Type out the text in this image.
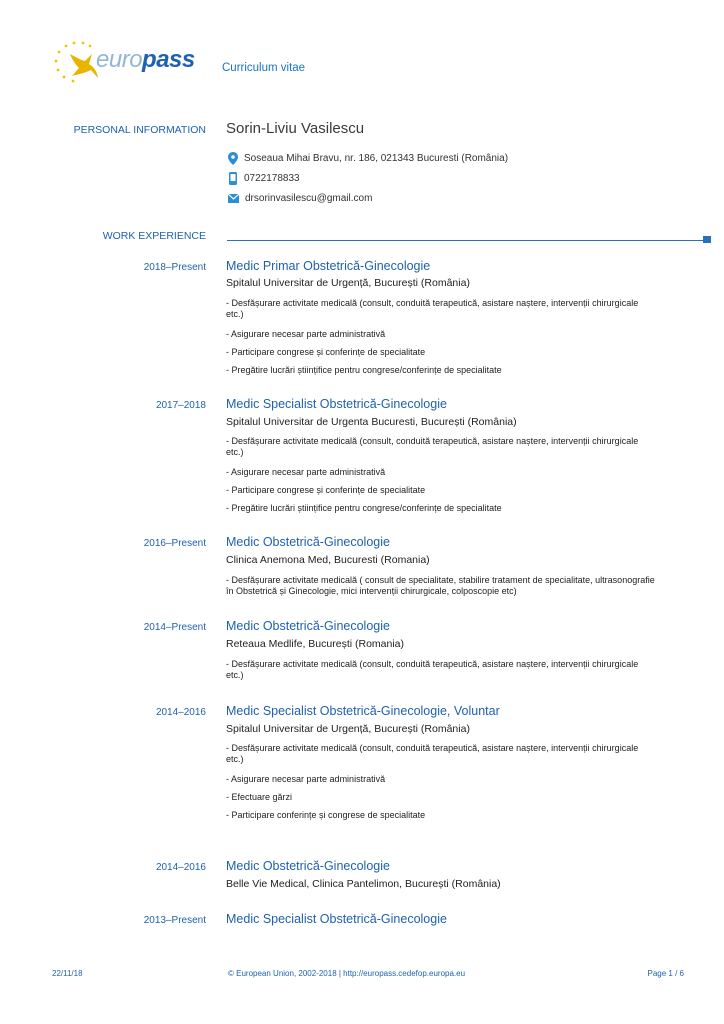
europass Curriculum vitae
PERSONAL INFORMATION Sorin-Liviu Vasilescu
Soseaua Mihai Bravu, nr. 186, 021343 Bucuresti (România)
0722178833
drsorinvasilescu@gmail.com
WORK EXPERIENCE
2018–Present Medic Primar Obstetrică-Ginecologie
Spitalul Universitar de Urgență, București (România)
- Desfășurare activitate medicală (consult, conduită terapeutică, asistare naștere, intervenții chirurgicale etc.)
- Asigurare necesar parte administrativă
- Participare congrese și conferințe de specialitate
- Pregătire lucrări științifice pentru congrese/conferințe de specialitate
2017–2018 Medic Specialist Obstetrică-Ginecologie
Spitalul Universitar de Urgenta Bucuresti, București (România)
- Desfășurare activitate medicală (consult, conduită terapeutică, asistare naștere, intervenții chirurgicale etc.)
- Asigurare necesar parte administrativă
- Participare congrese și conferințe de specialitate
- Pregătire lucrări științifice pentru congrese/conferințe de specialitate
2016–Present Medic Obstetrică-Ginecologie
Clinica Anemona Med, Bucuresti (Romania)
- Desfășurare activitate medicală ( consult de specialitate, stabilire tratament de specialitate, ultrasonografie în Obstetrică și Ginecologie, mici intervenții chirurgicale, colposcopie etc)
2014–Present Medic Obstetrică-Ginecologie
Reteaua Medlife, București (Romania)
- Desfășurare activitate medicală (consult, conduită terapeutică, asistare naștere, intervenții chirurgicale etc.)
2014–2016 Medic Specialist Obstetrică-Ginecologie, Voluntar
Spitalul Universitar de Urgență, București (România)
- Desfășurare activitate medicală (consult, conduită terapeutică, asistare naștere, intervenții chirurgicale etc.)
- Asigurare necesar parte administrativă
- Efectuare gărzi
- Participare conferințe și congrese de specialitate
2014–2016 Medic Obstetrică-Ginecologie
Belle Vie Medical, Clinica Pantelimon, București (România)
2013–Present Medic Specialist Obstetrică-Ginecologie
22/11/18	© European Union, 2002-2018 | http://europass.cedefop.europa.eu	Page 1 / 6
